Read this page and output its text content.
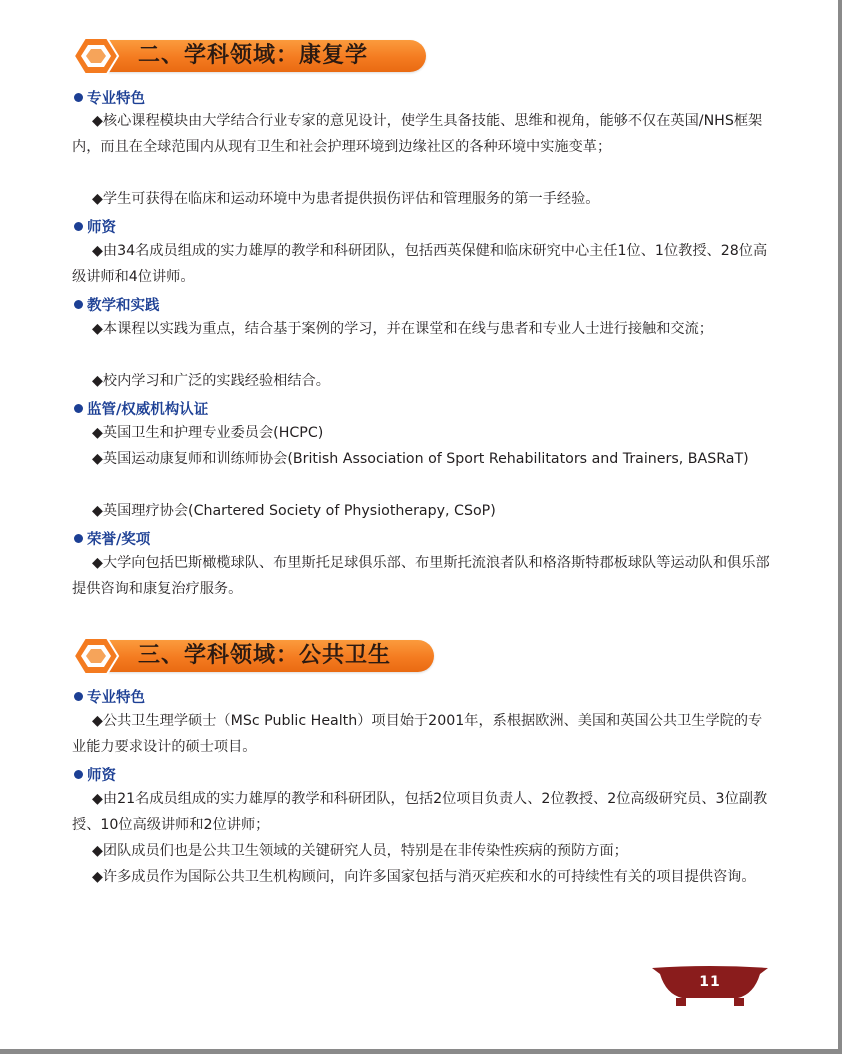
二、学科领域：康复学
专业特色
◆核心课程模块由大学结合行业专家的意见设计，使学生具备技能、思维和视角，能够不仅在英国/NHS框架内，而且在全球范围内从现有卫生和社会护理环境到边缘社区的各种环境中实施变革；
◆学生可获得在临床和运动环境中为患者提供损伤评估和管理服务的第一手经验。
师资
◆由34名成员组成的实力雄厚的教学和科研团队，包括西英保健和临床研究中心主任1位、1位教授、28位高级讲师和4位讲师。
教学和实践
◆本课程以实践为重点，结合基于案例的学习，并在课堂和在线与患者和专业人士进行接触和交流；
◆校内学习和广泛的实践经验相结合。
监管/权威机构认证
◆英国卫生和护理专业委员会(HCPC)
◆英国运动康复师和训练师协会(British Association of Sport Rehabilitators and Trainers, BASRaT)
◆英国理疗协会(Chartered Society of Physiotherapy, CSoP)
荣誉/奖项
◆大学向包括巴斯橄榄球队、布里斯托足球俱乐部、布里斯托流浪者队和格洛斯特郡板球队等运动队和俱乐部提供咨询和康复治疗服务。
三、学科领域：公共卫生
专业特色
◆公共卫生理学硕士（MSc Public Health）项目始于2001年，系根据欧洲、美国和英国公共卫生学院的专业能力要求设计的硕士项目。
师资
◆由21名成员组成的实力雄厚的教学和科研团队，包括2位项目负责人、2位教授、2位高级研究员、3位副教授、10位高级讲师和2位讲师；
◆团队成员们也是公共卫生领域的关键研究人员，特别是在非传染性疾病的预防方面；
◆许多成员作为国际公共卫生机构顾问，向许多国家包括与消灭疟疾和水的可持续性有关的项目提供咨询。
11
